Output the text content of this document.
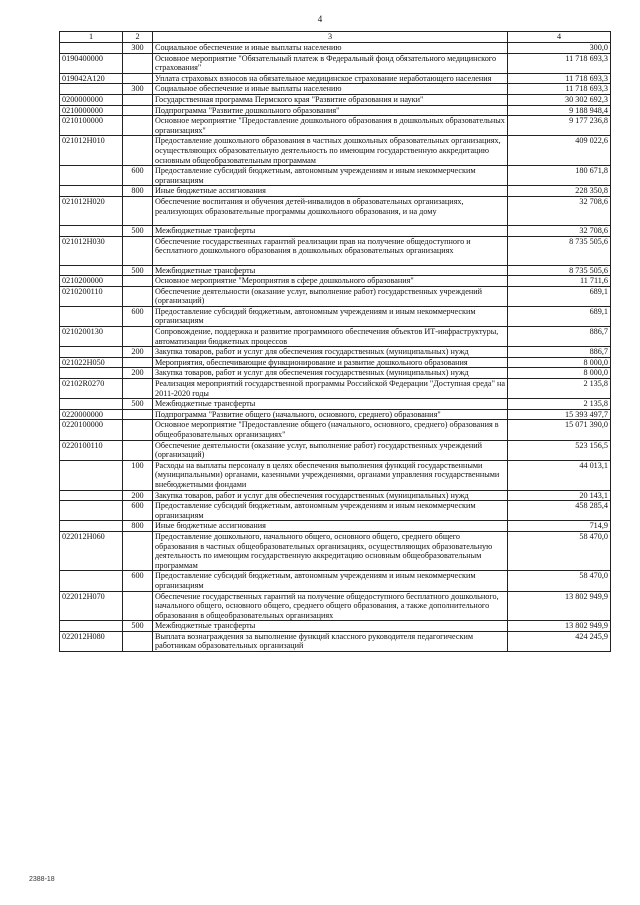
4
1	2	3	4
	300	Социальное обеспечение и иные выплаты населению	300,0
0190400000		Основное мероприятие "Обязательный платеж в Федеральный фонд обязательного медицинского страхования"	11 718 693,3
019042А120		Уплата страховых взносов на обязательное медицинское страхование неработающего населения	11 718 693,3
	300	Социальное обеспечение и иные выплаты населению	11 718 693,3
0200000000		Государственная программа Пермского края "Развитие образования и науки"	30 302 692,3
0210000000		Подпрограмма "Развитие дошкольного образования"	9 188 948,4
0210100000		Основное мероприятие "Предоставление дошкольного образования в дошкольных образовательных организациях"	9 177 236,8
021012Н010		Предоставление дошкольного образования в частных дошкольных образовательных организациях, осуществляющих образовательную деятельность по имеющим государственную аккредитацию основным общеобразовательным программам	409 022,6
	600	Предоставление субсидий бюджетным, автономным учреждениям и иным некоммерческим организациям	180 671,8
	800	Иные бюджетные ассигнования	228 350,8
021012Н020		Обеспечение воспитания и обучения детей-инвалидов в образовательных организациях, реализующих образовательные программы дошкольного образования, и на дому	32 708,6
	500	Межбюджетные трансферты	32 708,6
021012Н030		Обеспечение государственных гарантий реализации прав на получение общедоступного и бесплатного дошкольного образования в дошкольных образовательных организациях	8 735 505,6
	500	Межбюджетные трансферты	8 735 505,6
0210200000		Основное мероприятие "Мероприятия в сфере дошкольного образования"	11 711,6
0210200110		Обеспечение деятельности (оказание услуг, выполнение работ) государственных учреждений (организаций)	689,1
	600	Предоставление субсидий бюджетным, автономным учреждениям и иным некоммерческим организациям	689,1
0210200130		Сопровождение, поддержка и развитие программного обеспечения объектов ИТ-инфраструктуры, автоматизации бюджетных процессов	886,7
	200	Закупка товаров, работ и услуг для обеспечения государственных (муниципальных) нужд	886,7
021022Н050		Мероприятия, обеспечивающие функционирование и развитие дошкольного образования	8 000,0
	200	Закупка товаров, работ и услуг для обеспечения государственных (муниципальных) нужд	8 000,0
02102R0270		Реализация мероприятий государственной программы Российской Федерации "Доступная среда" на 2011-2020 годы	2 135,8
	500	Межбюджетные трансферты	2 135,8
0220000000		Подпрограмма "Развитие общего (начального, основного, среднего) образования"	15 393 497,7
0220100000		Основное мероприятие "Предоставление общего (начального, основного, среднего) образования в общеобразовательных организациях"	15 071 390,0
0220100110		Обеспечение деятельности (оказание услуг, выполнение работ) государственных учреждений (организаций)	523 156,5
	100	Расходы на выплаты персоналу в целях обеспечения выполнения функций государственными (муниципальными) органами, казенными учреждениями, органами управления государственными внебюджетными фондами	44 013,1
	200	Закупка товаров, работ и услуг для обеспечения государственных (муниципальных) нужд	20 143,1
	600	Предоставление субсидий бюджетным, автономным учреждениям и иным некоммерческим организациям	458 285,4
	800	Иные бюджетные ассигнования	714,9
022012Н060		Предоставление дошкольного, начального общего, основного общего, среднего общего образования в частных общеобразовательных организациях, осуществляющих образовательную деятельность по имеющим государственную аккредитацию основным общеобразовательным программам	58 470,0
	600	Предоставление субсидий бюджетным, автономным учреждениям и иным некоммерческим организациям	58 470,0
022012Н070		Обеспечение государственных гарантий на получение общедоступного бесплатного дошкольного, начального общего, основного общего, среднего общего образования, а также дополнительного образования в общеобразовательных организациях	13 802 949,9
	500	Межбюджетные трансферты	13 802 949,9
022012Н080		Выплата вознаграждения за выполнение функций классного руководителя педагогическим работникам образовательных организаций	424 245,9
2388-18
